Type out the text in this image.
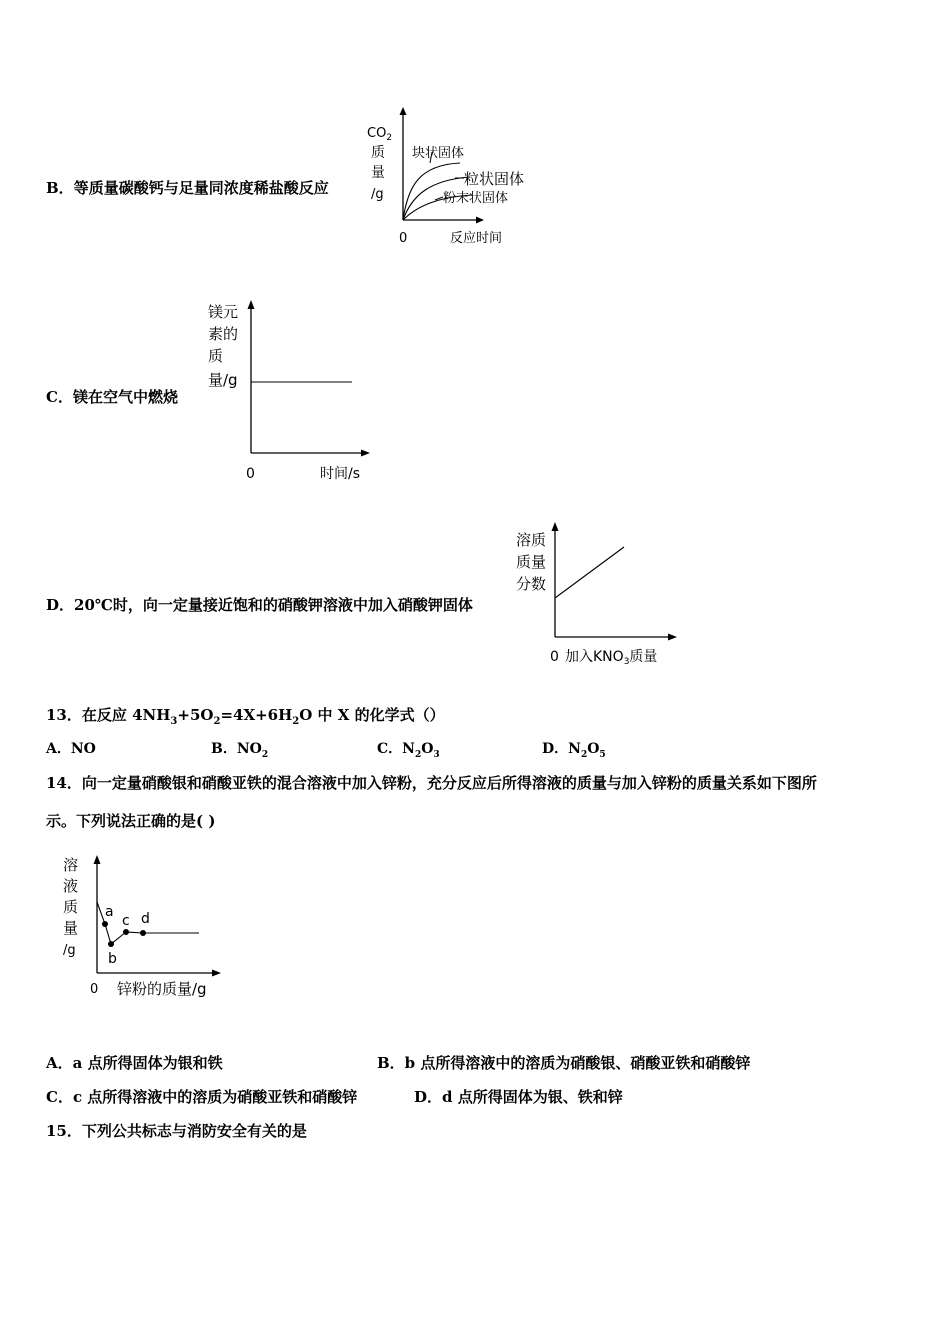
B．等质量碳酸钙与足量同浓度稀盐酸反应
$CO_2$
质
量
/g
0	反应时间
块状固体
粒状固体
粉末状固体
C．镁在空气中燃烧
镁元
素的
质
量/g
0	时间/s
D．20℃时，向一定量接近饱和的硝酸钾溶液中加入硝酸钾固体
溶质
质量
分数
0 加入$KNO_3$质量
13．在反应 $4NH_3+5O_2=4X+6H_2O$ 中 X 的化学式（）
A．NO	B．$NO_2$	C．$N_2O_3$	D．$N_2O_5$
14．向一定量硝酸银和硝酸亚铁的混合溶液中加入锌粉，充分反应后所得溶液的质量与加入锌粉的质量关系如下图所
示。下列说法正确的是( )
a
b
c d
溶
液
质
量
/g
0 锌粉的质量/g
A．a 点所得固体为银和铁	B．b 点所得溶液中的溶质为硝酸银、硝酸亚铁和硝酸锌
C．c 点所得溶液中的溶质为硝酸亚铁和硝酸锌	D．d 点所得固体为银、铁和锌
15．下列公共标志与消防安全有关的是
